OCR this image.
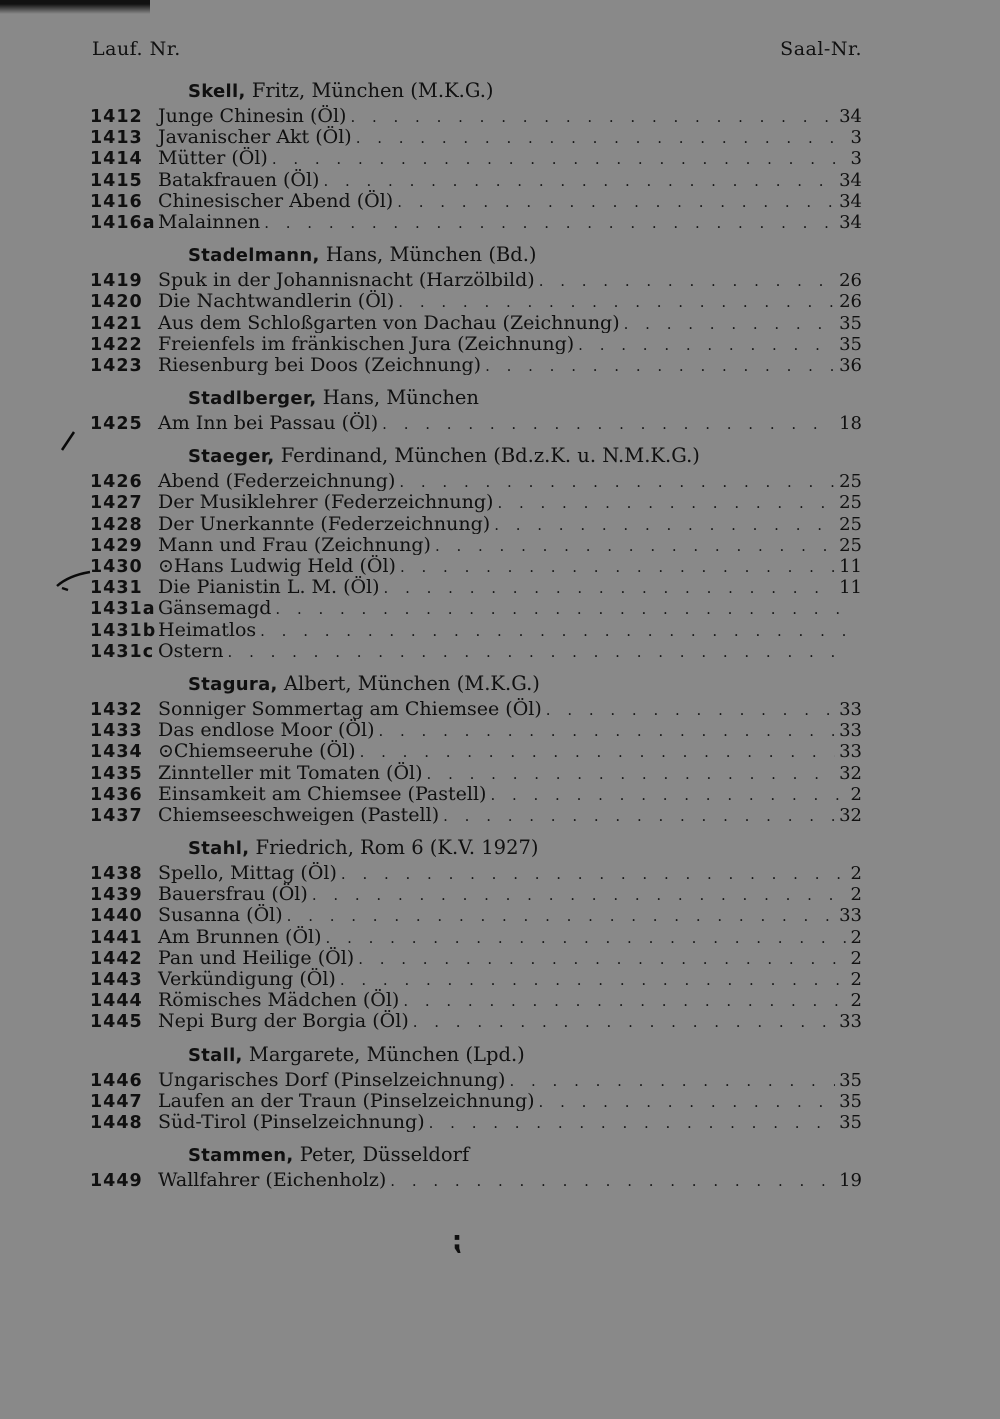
Lauf. Nr.	Saal-Nr.
Skell, Fritz, München (M.K.G.)
1412 Junge Chinesin (Öl) . . .	34
1413 Javanischer Akt (Öl) . . .	3
1414 Mütter (Öl) . . .	3
1415 Batakfrauen (Öl) . . .	34
1416 Chinesischer Abend (Öl) . . .	34
1416a Malainnen . . .	34
Stadelmann, Hans, München (Bd.)
1419 Spuk in der Johannisnacht (Harzölbild) . . .	26
1420 Die Nachtwandlerin (Öl) . . .	26
1421 Aus dem Schloßgarten von Dachau (Zeichnung) . . .	35
1422 Freienfels im fränkischen Jura (Zeichnung) . . .	35
1423 Riesenburg bei Doos (Zeichnung) . . .	36
Stadlberger, Hans, München
1425 Am Inn bei Passau (Öl) . . .	18
Staeger, Ferdinand, München (Bd.z.K. u. N.M.K.G.)
1426 Abend (Federzeichnung) . . .	25
1427 Der Musiklehrer (Federzeichnung) . . .	25
1428 Der Unerkannte (Federzeichnung) . . .	25
1429 Mann und Frau (Zeichnung) . . .	25
1430 ⊙Hans Ludwig Held (Öl) . . .	11
1431 Die Pianistin L. M. (Öl) . . .	11
1431a Gänsemagd
. . .
1431b Heimatlos
. . .
1431c Ostern
. . .
Stagura, Albert, München (M.K.G.)
1432 Sonniger Sommertag am Chiemsee (Öl) . . .	33
1433 Das endlose Moor (Öl) . . .	33
1434 ⊙Chiemseeruhe (Öl) . . .	33
1435 Zinnteller mit Tomaten (Öl) . . .	32
1436 Einsamkeit am Chiemsee (Pastell) . . .	2
1437 Chiemseeschweigen (Pastell) . . .	32
Stahl, Friedrich, Rom 6 (K.V. 1927)
1438 Spello, Mittag (Öl) . . .	2
1439 Bauersfrau (Öl) . . .	2
1440 Susanna (Öl) . . .	33
1441 Am Brunnen (Öl) . . .	2
1442 Pan und Heilige (Öl) . . .	2
1443 Verkündigung (Öl) . . .	2
1444 Römisches Mädchen (Öl) . . .	2
1445 Nepi Burg der Borgia (Öl) . . .	33
Stall, Margarete, München (Lpd.)
1446 Ungarisches Dorf (Pinselzeichnung) . . .	35
1447 Laufen an der Traun (Pinselzeichnung) . . .	35
1448 Süd-Tirol (Pinselzeichnung) . . .	35
Stammen, Peter, Düsseldorf
1449 Wallfahrer (Eichenholz) . . .	19
⁏
